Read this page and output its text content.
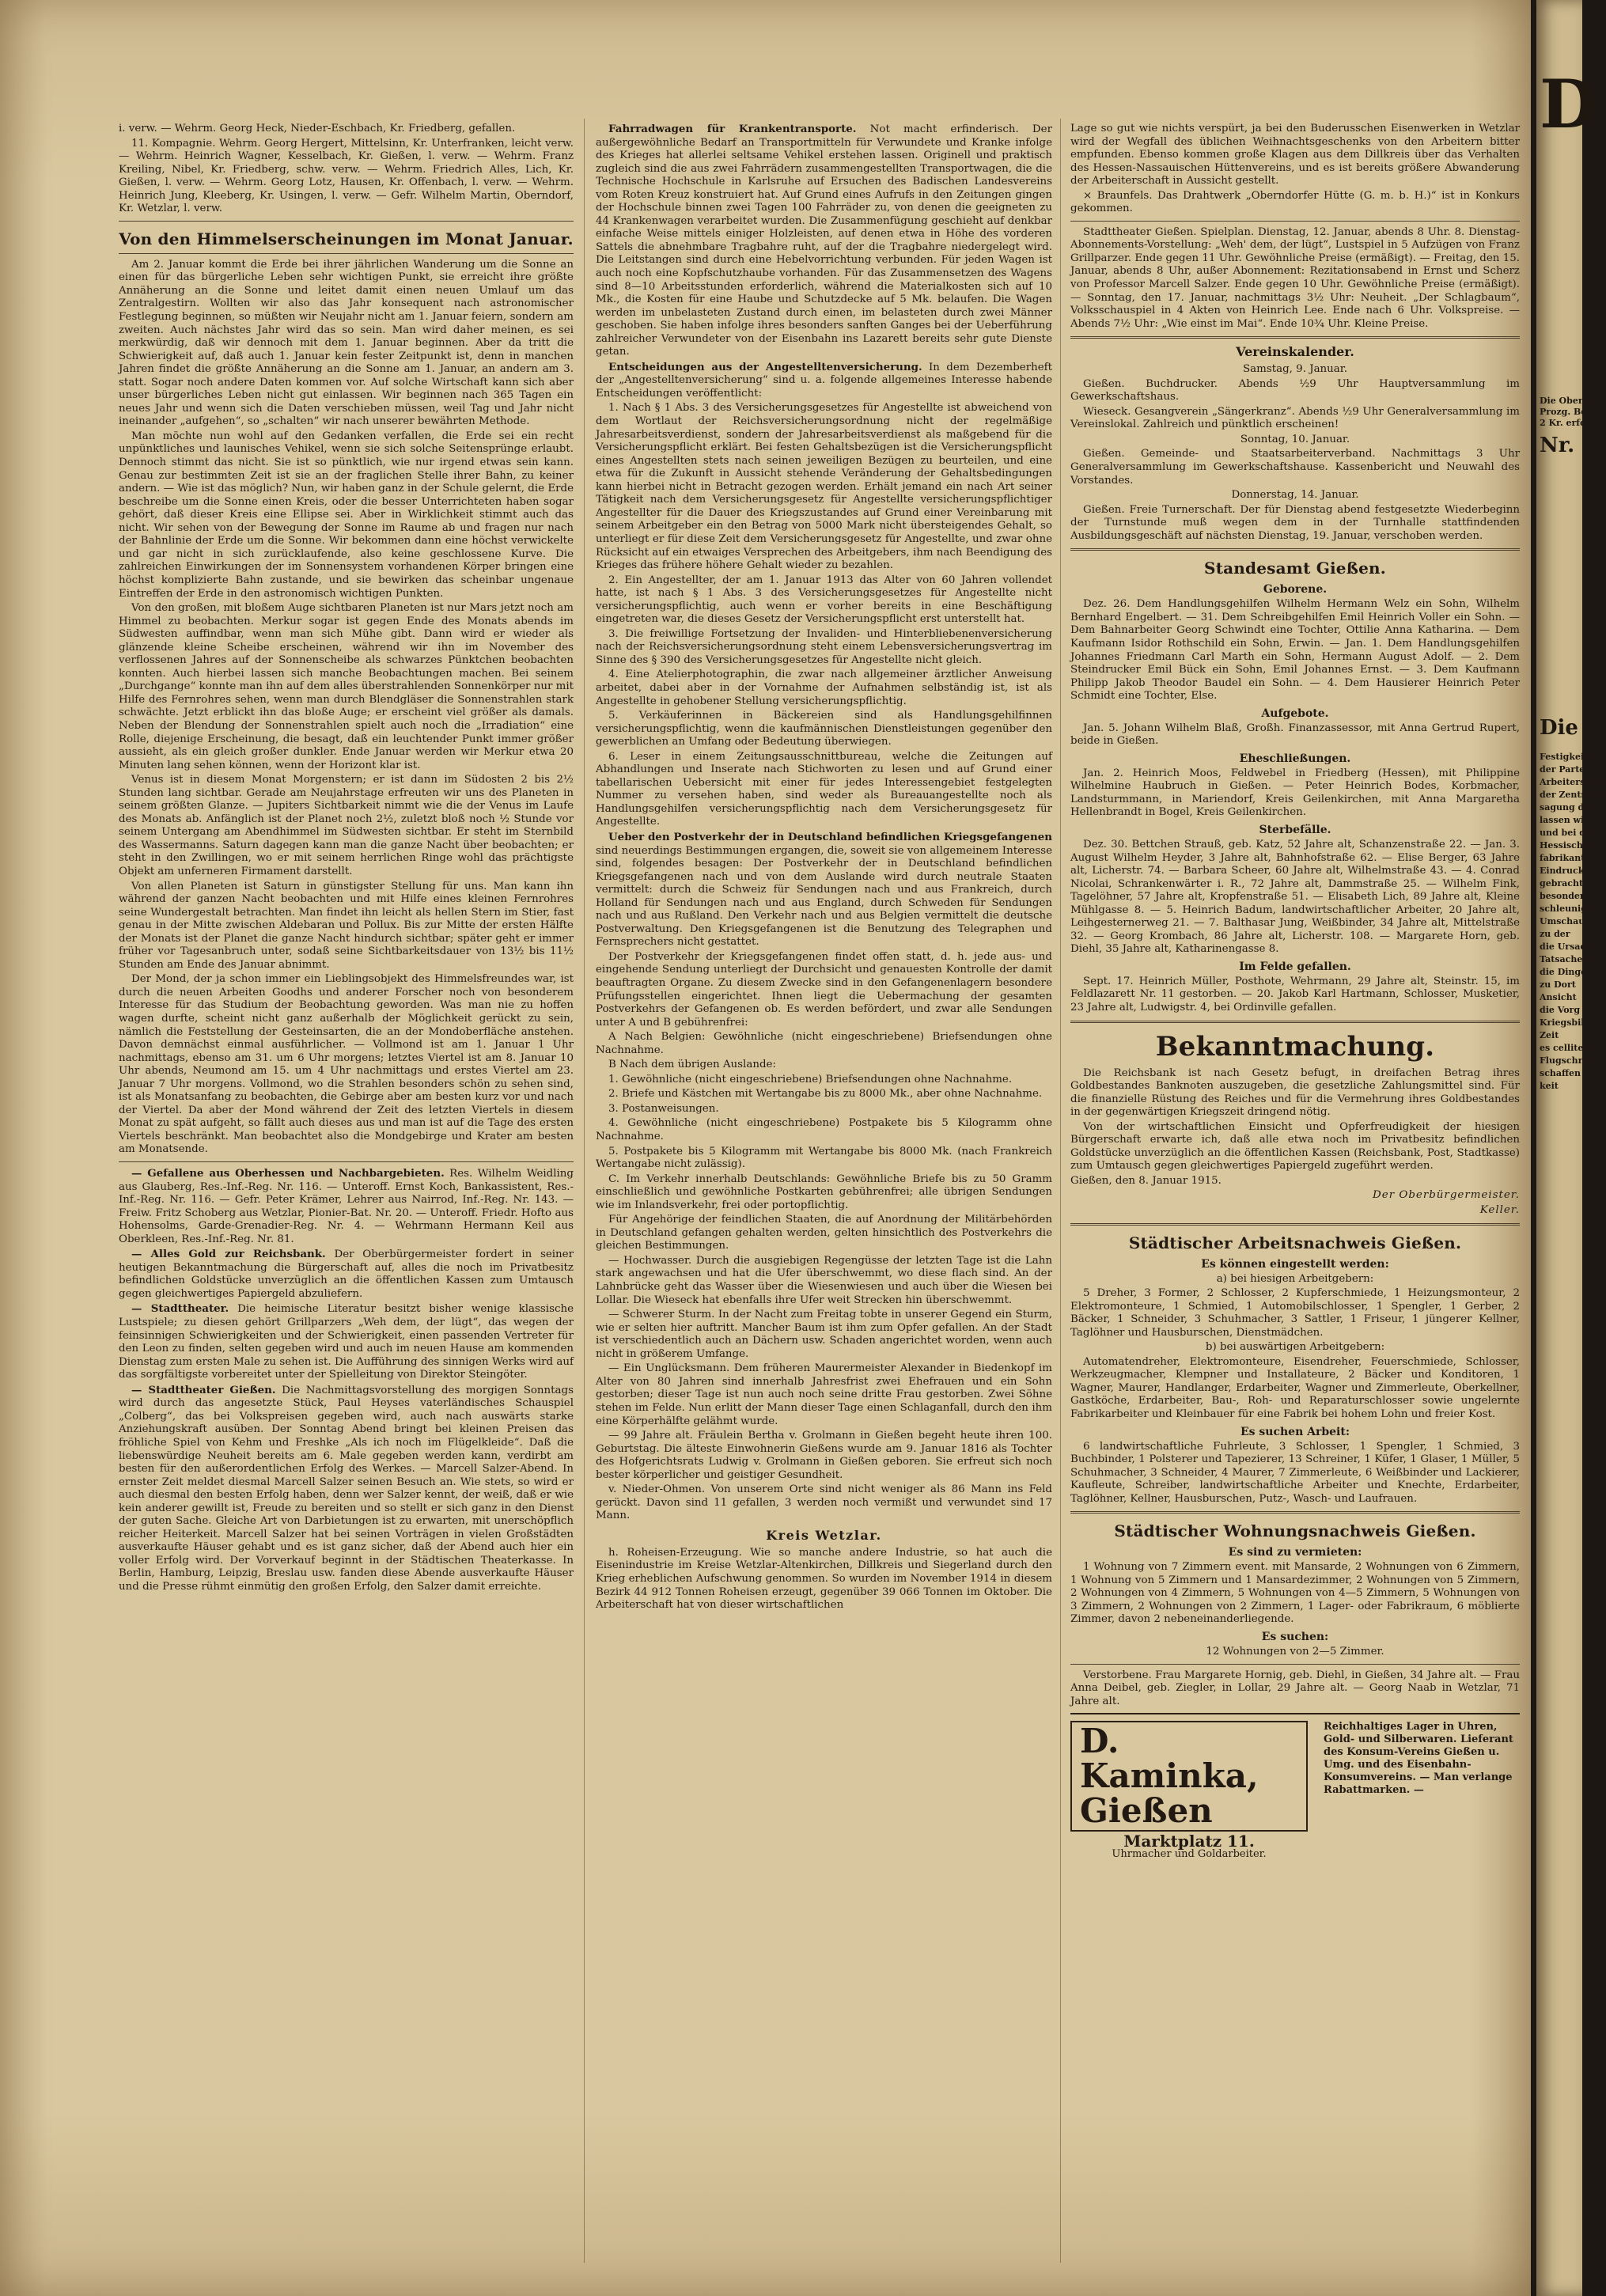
i. verw. — Wehrm. Georg Heck, Nieder-Eschbach, Kr. Friedberg, gefallen.

11. Kompagnie. Wehrm. Georg Hergert, Mittelsinn, Kr. Unterfranken, leicht verw. — Wehrm. Heinrich Wagner, Kesselbach, Kr. Gießen, l. verw. — Wehrm. Franz Kreiling, Nibel, Kr. Friedberg, schw. verw. — Wehrm. Friedrich Alles, Lich, Kr. Gießen, l. verw. — Wehrm. Georg Lotz, Hausen, Kr. Offenbach, l. verw. — Wehrm. Heinrich Jung, Kleeberg, Kr. Usingen, l. verw. — Gefr. Wilhelm Martin, Oberndorf, Kr. Wetzlar, l. verw.

Von den Himmelserscheinungen im Monat Januar.

Am 2. Januar kommt die Erde bei ihrer jährlichen Wanderung um die Sonne an einen für das bürgerliche Leben sehr wichtigen Punkt, sie erreicht ihre größte Annäherung an die Sonne und leitet damit einen neuen Umlauf um das Zentralgestirn. Wollten wir also das Jahr konsequent nach astronomischer Festlegung beginnen, so müßten wir Neujahr nicht am 1. Januar feiern, sondern am zweiten. Auch nächstes Jahr wird das so sein. Man wird daher meinen, es sei merkwürdig, daß wir dennoch mit dem 1. Januar beginnen. Aber da tritt die Schwierigkeit auf, daß auch 1. Januar kein fester Zeitpunkt ist, denn in manchen Jahren findet die größte Annäherung an die Sonne am 1. Januar, an andern am 3. statt. Sogar noch andere Daten kommen vor. Auf solche Wirtschaft kann sich aber unser bürgerliches Leben nicht gut einlassen. Wir beginnen nach 365 Tagen ein neues Jahr und wenn sich die Daten verschieben müssen, weil Tag und Jahr nicht ineinander „aufgehen“, so „schalten“ wir nach unserer bewährten Methode.

Man möchte nun wohl auf den Gedanken verfallen, die Erde sei ein recht unpünktliches und launisches Vehikel, wenn sie sich solche Seitensprünge erlaubt. Dennoch stimmt das nicht. Sie ist so pünktlich, wie nur irgend etwas sein kann. Genau zur bestimmten Zeit ist sie an der fraglichen Stelle ihrer Bahn, zu keiner andern. — Wie ist das möglich? Nun, wir haben ganz in der Schule gelernt, die Erde beschreibe um die Sonne einen Kreis, oder die besser Unterrichteten haben sogar gehört, daß dieser Kreis eine Ellipse sei. Aber in Wirklichkeit stimmt auch das nicht. Wir sehen von der Bewegung der Sonne im Raume ab und fragen nur nach der Bahnlinie der Erde um die Sonne. Wir bekommen dann eine höchst verwickelte und gar nicht in sich zurücklaufende, also keine geschlossene Kurve. Die zahlreichen Einwirkungen der im Sonnensystem vorhandenen Körper bringen eine höchst komplizierte Bahn zustande, und sie bewirken das scheinbar ungenaue Eintreffen der Erde in den astronomisch wichtigen Punkten.

Von den großen, mit bloßem Auge sichtbaren Planeten ist nur Mars jetzt noch am Himmel zu beobachten. Merkur sogar ist gegen Ende des Monats abends im Südwesten auffindbar, wenn man sich Mühe gibt. Dann wird er wieder als glänzende kleine Scheibe erscheinen, während wir ihn im November des verflossenen Jahres auf der Sonnenscheibe als schwarzes Pünktchen beobachten konnten. Auch hierbei lassen sich manche Beobachtungen machen. Bei seinem „Durchgange“ konnte man ihn auf dem alles überstrahlenden Sonnenkörper nur mit Hilfe des Fernrohres sehen, wenn man durch Blendgläser die Sonnenstrahlen stark schwächte. Jetzt erblickt ihn das bloße Auge; er erscheint viel größer als damals. Neben der Blendung der Sonnenstrahlen spielt auch noch die „Irradiation“ eine Rolle, diejenige Erscheinung, die besagt, daß ein leuchtender Punkt immer größer aussieht, als ein gleich großer dunkler. Ende Januar werden wir Merkur etwa 20 Minuten lang sehen können, wenn der Horizont klar ist.

Venus ist in diesem Monat Morgenstern; er ist dann im Südosten 2 bis 2½ Stunden lang sichtbar. Gerade am Neujahrstage erfreuten wir uns des Planeten in seinem größten Glanze. — Jupiters Sichtbarkeit nimmt wie die der Venus im Laufe des Monats ab. Anfänglich ist der Planet noch 2½, zuletzt bloß noch ½ Stunde vor seinem Untergang am Abendhimmel im Südwesten sichtbar. Er steht im Sternbild des Wassermanns. Saturn dagegen kann man die ganze Nacht über beobachten; er steht in den Zwillingen, wo er mit seinem herrlichen Ringe wohl das prächtigste Objekt am unferneren Firmament darstellt.

Von allen Planeten ist Saturn in günstigster Stellung für uns. Man kann ihn während der ganzen Nacht beobachten und mit Hilfe eines kleinen Fernrohres seine Wundergestalt betrachten. Man findet ihn leicht als hellen Stern im Stier, fast genau in der Mitte zwischen Aldebaran und Pollux. Bis zur Mitte der ersten Hälfte der Monats ist der Planet die ganze Nacht hindurch sichtbar; später geht er immer früher vor Tagesanbruch unter, sodaß seine Sichtbarkeitsdauer von 13½ bis 11½ Stunden am Ende des Januar abnimmt.

Der Mond, der ja schon immer ein Lieblingsobjekt des Himmelsfreundes war, ist durch die neuen Arbeiten Goodhs und anderer Forscher noch von besonderem Interesse für das Studium der Beobachtung geworden. Was man nie zu hoffen wagen durfte, scheint nicht ganz außerhalb der Möglichkeit gerückt zu sein, nämlich die Feststellung der Gesteinsarten, die an der Mondoberfläche anstehen. Davon demnächst einmal ausführlicher. — Vollmond ist am 1. Januar 1 Uhr nachmittags, ebenso am 31. um 6 Uhr morgens; letztes Viertel ist am 8. Januar 10 Uhr abends, Neumond am 15. um 4 Uhr nachmittags und erstes Viertel am 23. Januar 7 Uhr morgens. Vollmond, wo die Strahlen besonders schön zu sehen sind, ist als Monatsanfang zu beobachten, die Gebirge aber am besten kurz vor und nach der Viertel. Da aber der Mond während der Zeit des letzten Viertels in diesem Monat zu spät aufgeht, so fällt auch dieses aus und man ist auf die Tage des ersten Viertels beschränkt. Man beobachtet also die Mondgebirge und Krater am besten am Monatsende.

— Gefallene aus Oberhessen und Nachbargebieten. Res. Wilhelm Weidling aus Glauberg, Res.-Inf.-Reg. Nr. 116. — Unteroff. Ernst Koch, Bankassistent, Res.-Inf.-Reg. Nr. 116. — Gefr. Peter Krämer, Lehrer aus Nairrod, Inf.-Reg. Nr. 143. — Freiw. Fritz Schoberg aus Wetzlar, Pionier-Bat. Nr. 20. — Unteroff. Friedr. Hofto aus Hohensolms, Garde-Grenadier-Reg. Nr. 4. — Wehrmann Hermann Keil aus Oberkleen, Res.-Inf.-Reg. Nr. 81.

— Alles Gold zur Reichsbank. Der Oberbürgermeister fordert in seiner heutigen Bekanntmachung die Bürgerschaft auf, alles die noch im Privatbesitz befindlichen Goldstücke unverzüglich an die öffentlichen Kassen zum Umtausch gegen gleichwertiges Papiergeld abzuliefern.

— Stadttheater. Die heimische Literatur besitzt bisher wenige klassische Lustspiele; zu diesen gehört Grillparzers „Weh dem, der lügt“, das wegen der feinsinnigen Schwierigkeiten und der Schwierigkeit, einen passenden Vertreter für den Leon zu finden, selten gegeben wird und auch im neuen Hause am kommenden Dienstag zum ersten Male zu sehen ist. Die Aufführung des sinnigen Werks wird auf das sorgfältigste vorbereitet unter der Spielleitung von Direktor Steingöter.

— Stadttheater Gießen. Die Nachmittagsvorstellung des morgigen Sonntags wird durch das angesetzte Stück, Paul Heyses vaterländisches Schauspiel „Colberg“, das bei Volkspreisen gegeben wird, auch nach auswärts starke Anziehungskraft ausüben. Der Sonntag Abend bringt bei kleinen Preisen das fröhliche Spiel von Kehm und Freshke „Als ich noch im Flügelkleide“. Daß die liebenswürdige Neuheit bereits am 6. Male gegeben werden kann, verdirbt am besten für den außerordentlichen Erfolg des Werkes. — Marcell Salzer-Abend. In ernster Zeit meldet diesmal Marcell Salzer seinen Besuch an. Wie stets, so wird er auch diesmal den besten Erfolg haben, denn wer Salzer kennt, der weiß, daß er wie kein anderer gewillt ist, Freude zu bereiten und so stellt er sich ganz in den Dienst der guten Sache. Gleiche Art von Darbietungen ist zu erwarten, mit unerschöpflich reicher Heiterkeit. Marcell Salzer hat bei seinen Vorträgen in vielen Großstädten ausverkaufte Häuser gehabt und es ist ganz sicher, daß der Abend auch hier ein voller Erfolg wird. Der Vorverkauf beginnt in der Städtischen Theaterkasse. In Berlin, Hamburg, Leipzig, Breslau usw. fanden diese Abende ausverkaufte Häuser und die Presse rühmt einmütig den großen Erfolg, den Salzer damit erreichte.

Fahrradwagen für Krankentransporte. Not macht erfinderisch. Der außergewöhnliche Bedarf an Transportmitteln für Verwundete und Kranke infolge des Krieges hat allerlei seltsame Vehikel erstehen lassen. Originell und praktisch zugleich sind die aus zwei Fahrrädern zusammengestellten Transportwagen, die die Technische Hochschule in Karlsruhe auf Ersuchen des Badischen Landesvereins vom Roten Kreuz konstruiert hat. Auf Grund eines Aufrufs in den Zeitungen gingen der Hochschule binnen zwei Tagen 100 Fahrräder zu, von denen die geeigneten zu 44 Krankenwagen verarbeitet wurden. Die Zusammenfügung geschieht auf denkbar einfache Weise mittels einiger Holzleisten, auf denen etwa in Höhe des vorderen Sattels die abnehmbare Tragbahre ruht, auf der die Tragbahre niedergelegt wird. Die Leitstangen sind durch eine Hebelvorrichtung verbunden. Für jeden Wagen ist auch noch eine Kopfschutzhaube vorhanden. Für das Zusammensetzen des Wagens sind 8—10 Arbeitsstunden erforderlich, während die Materialkosten sich auf 10 Mk., die Kosten für eine Haube und Schutzdecke auf 5 Mk. belaufen. Die Wagen werden im unbelasteten Zustand durch einen, im belasteten durch zwei Männer geschoben. Sie haben infolge ihres besonders sanften Ganges bei der Ueberführung zahlreicher Verwundeter von der Eisenbahn ins Lazarett bereits sehr gute Dienste getan.

Entscheidungen aus der Angestelltenversicherung. In dem Dezemberheft der „Angestelltenversicherung“ sind u. a. folgende allgemeines Interesse habende Entscheidungen veröffentlicht:

1. Nach § 1 Abs. 3 des Versicherungsgesetzes für Angestellte ist abweichend von dem Wortlaut der Reichsversicherungsordnung nicht der regelmäßige Jahresarbeitsverdienst, sondern der Jahresarbeitsverdienst als maßgebend für die Versicherungspflicht erklärt. Bei festen Gehaltsbezügen ist die Versicherungspflicht eines Angestellten stets nach seinen jeweiligen Bezügen zu beurteilen, und eine etwa für die Zukunft in Aussicht stehende Veränderung der Gehaltsbedingungen kann hierbei nicht in Betracht gezogen werden. Erhält jemand ein nach Art seiner Tätigkeit nach dem Versicherungsgesetz für Angestellte versicherungspflichtiger Angestellter für die Dauer des Kriegszustandes auf Grund einer Vereinbarung mit seinem Arbeitgeber ein den Betrag von 5000 Mark nicht übersteigendes Gehalt, so unterliegt er für diese Zeit dem Versicherungsgesetz für Angestellte, und zwar ohne Rücksicht auf ein etwaiges Versprechen des Arbeitgebers, ihm nach Beendigung des Krieges das frühere höhere Gehalt wieder zu bezahlen.

2. Ein Angestellter, der am 1. Januar 1913 das Alter von 60 Jahren vollendet hatte, ist nach § 1 Abs. 3 des Versicherungsgesetzes für Angestellte nicht versicherungspflichtig, auch wenn er vorher bereits in eine Beschäftigung eingetreten war, die dieses Gesetz der Versicherungspflicht erst unterstellt hat.

3. Die freiwillige Fortsetzung der Invaliden- und Hinterbliebenenversicherung nach der Reichsversicherungsordnung steht einem Lebensversicherungsvertrag im Sinne des § 390 des Versicherungsgesetzes für Angestellte nicht gleich.

4. Eine Atelierphotographin, die zwar nach allgemeiner ärztlicher Anweisung arbeitet, dabei aber in der Vornahme der Aufnahmen selbständig ist, ist als Angestellte in gehobener Stellung versicherungspflichtig.

5. Verkäuferinnen in Bäckereien sind als Handlungsgehilfinnen versicherungspflichtig, wenn die kaufmännischen Dienstleistungen gegenüber den gewerblichen an Umfang oder Bedeutung überwiegen.

6. Leser in einem Zeitungsausschnittbureau, welche die Zeitungen auf Abhandlungen und Inserate nach Stichworten zu lesen und auf Grund einer tabellarischen Uebersicht mit einer für jedes Interessengebiet festgelegten Nummer zu versehen haben, sind weder als Bureauangestellte noch als Handlungsgehilfen versicherungspflichtig nach dem Versicherungsgesetz für Angestellte.

Ueber den Postverkehr der in Deutschland befindlichen Kriegsgefangenen sind neuerdings Bestimmungen ergangen, die, soweit sie von allgemeinem Interesse sind, folgendes besagen: Der Postverkehr der in Deutschland befindlichen Kriegsgefangenen nach und von dem Auslande wird durch neutrale Staaten vermittelt: durch die Schweiz für Sendungen nach und aus Frankreich, durch Holland für Sendungen nach und aus England, durch Schweden für Sendungen nach und aus Rußland. Den Verkehr nach und aus Belgien vermittelt die deutsche Postverwaltung. Den Kriegsgefangenen ist die Benutzung des Telegraphen und Fernsprechers nicht gestattet.

Der Postverkehr der Kriegsgefangenen findet offen statt, d. h. jede aus- und eingehende Sendung unterliegt der Durchsicht und genauesten Kontrolle der damit beauftragten Organe. Zu diesem Zwecke sind in den Gefangenenlagern besondere Prüfungsstellen eingerichtet. Ihnen liegt die Uebermachung der gesamten Postverkehrs der Gefangenen ob. Es werden befördert, und zwar alle Sendungen unter A und B gebührenfrei:

A Nach Belgien: Gewöhnliche (nicht eingeschriebene) Briefsendungen ohne Nachnahme.

B Nach dem übrigen Auslande:

1. Gewöhnliche (nicht eingeschriebene) Briefsendungen ohne Nachnahme.

2. Briefe und Kästchen mit Wertangabe bis zu 8000 Mk., aber ohne Nachnahme.

3. Postanweisungen.

4. Gewöhnliche (nicht eingeschriebene) Postpakete bis 5 Kilogramm ohne Nachnahme.

5. Postpakete bis 5 Kilogramm mit Wertangabe bis 8000 Mk. (nach Frankreich Wertangabe nicht zulässig).

C. Im Verkehr innerhalb Deutschlands: Gewöhnliche Briefe bis zu 50 Gramm einschließlich und gewöhnliche Postkarten gebührenfrei; alle übrigen Sendungen wie im Inlandsverkehr, frei oder portopflichtig.

Für Angehörige der feindlichen Staaten, die auf Anordnung der Militärbehörden in Deutschland gefangen gehalten werden, gelten hinsichtlich des Postverkehrs die gleichen Bestimmungen.

— Hochwasser. Durch die ausgiebigen Regengüsse der letzten Tage ist die Lahn stark angewachsen und hat die Ufer überschwemmt, wo diese flach sind. An der Lahnbrücke geht das Wasser über die Wiesenwiesen und auch über die Wiesen bei Lollar. Die Wieseck hat ebenfalls ihre Ufer weit Strecken hin überschwemmt.

— Schwerer Sturm. In der Nacht zum Freitag tobte in unserer Gegend ein Sturm, wie er selten hier auftritt. Mancher Baum ist ihm zum Opfer gefallen. An der Stadt ist verschiedentlich auch an Dächern usw. Schaden angerichtet worden, wenn auch nicht in größerem Umfange.

— Ein Unglücksmann. Dem früheren Maurermeister Alexander in Biedenkopf im Alter von 80 Jahren sind innerhalb Jahresfrist zwei Ehefrauen und ein Sohn gestorben; dieser Tage ist nun auch noch seine dritte Frau gestorben. Zwei Söhne stehen im Felde. Nun erlitt der Mann dieser Tage einen Schlaganfall, durch den ihm eine Körperhälfte gelähmt wurde.

— 99 Jahre alt. Fräulein Bertha v. Grolmann in Gießen begeht heute ihren 100. Geburtstag. Die älteste Einwohnerin Gießens wurde am 9. Januar 1816 als Tochter des Hofgerichtsrats Ludwig v. Grolmann in Gießen geboren. Sie erfreut sich noch bester körperlicher und geistiger Gesundheit.

v. Nieder-Ohmen. Von unserem Orte sind nicht weniger als 86 Mann ins Feld gerückt. Davon sind 11 gefallen, 3 werden noch vermißt und verwundet sind 17 Mann.

Kreis Wetzlar.

h. Roheisen-Erzeugung. Wie so manche andere Industrie, so hat auch die Eisenindustrie im Kreise Wetzlar-Altenkirchen, Dillkreis und Siegerland durch den Krieg erheblichen Aufschwung genommen. So wurden im November 1914 in diesem Bezirk 44 912 Tonnen Roheisen erzeugt, gegenüber 39 066 Tonnen im Oktober. Die Arbeiterschaft hat von dieser wirtschaftlichen

Lage so gut wie nichts verspürt, ja bei den Buderusschen Eisenwerken in Wetzlar wird der Wegfall des üblichen Weihnachtsgeschenks von den Arbeitern bitter empfunden. Ebenso kommen große Klagen aus dem Dillkreis über das Verhalten des Hessen-Nassauischen Hüttenvereins, und es ist bereits größere Abwanderung der Arbeiterschaft in Aussicht gestellt.

× Braunfels. Das Drahtwerk „Oberndorfer Hütte (G. m. b. H.)“ ist in Konkurs gekommen.

Stadttheater Gießen. Spielplan. Dienstag, 12. Januar, abends 8 Uhr. 8. Dienstag-Abonnements-Vorstellung: „Weh' dem, der lügt“, Lustspiel in 5 Aufzügen von Franz Grillparzer. Ende gegen 11 Uhr. Gewöhnliche Preise (ermäßigt). — Freitag, den 15. Januar, abends 8 Uhr, außer Abonnement: Rezitationsabend in Ernst und Scherz von Professor Marcell Salzer. Ende gegen 10 Uhr. Gewöhnliche Preise (ermäßigt). — Sonntag, den 17. Januar, nachmittags 3½ Uhr: Neuheit. „Der Schlagbaum“, Volksschauspiel in 4 Akten von Heinrich Lee. Ende nach 6 Uhr. Volkspreise. — Abends 7½ Uhr: „Wie einst im Mai“. Ende 10¾ Uhr. Kleine Preise.

Vereinskalender.

Samstag, 9. Januar.

Gießen. Buchdrucker. Abends ½9 Uhr Hauptversammlung im Gewerkschaftshaus.

Wieseck. Gesangverein „Sängerkranz“. Abends ½9 Uhr Generalversammlung im Vereinslokal. Zahlreich und pünktlich erscheinen!

Sonntag, 10. Januar.

Gießen. Gemeinde- und Staatsarbeiterverband. Nachmittags 3 Uhr Generalversammlung im Gewerkschaftshause. Kassenbericht und Neuwahl des Vorstandes.

Donnerstag, 14. Januar.

Gießen. Freie Turnerschaft. Der für Dienstag abend festgesetzte Wiederbeginn der Turnstunde muß wegen dem in der Turnhalle stattfindenden Ausbildungsgeschäft auf nächsten Dienstag, 19. Januar, verschoben werden.

Standesamt Gießen.
Geborene.

Dez. 26. Dem Handlungsgehilfen Wilhelm Hermann Welz ein Sohn, Wilhelm Bernhard Engelbert. — 31. Dem Schreibgehilfen Emil Heinrich Voller ein Sohn. — Dem Bahnarbeiter Georg Schwindt eine Tochter, Ottilie Anna Katharina. — Dem Kaufmann Isidor Rothschild ein Sohn, Erwin. — Jan. 1. Dem Handlungsgehilfen Johannes Friedmann Carl Marth ein Sohn, Hermann August Adolf. — 2. Dem Steindrucker Emil Bück ein Sohn, Emil Johannes Ernst. — 3. Dem Kaufmann Philipp Jakob Theodor Baudel ein Sohn. — 4. Dem Hausierer Heinrich Peter Schmidt eine Tochter, Else.

Aufgebote.

Jan. 5. Johann Wilhelm Blaß, Großh. Finanzassessor, mit Anna Gertrud Rupert, beide in Gießen.

Eheschließungen.

Jan. 2. Heinrich Moos, Feldwebel in Friedberg (Hessen), mit Philippine Wilhelmine Haubruch in Gießen. — Peter Heinrich Bodes, Korbmacher, Landsturmmann, in Mariendorf, Kreis Geilenkirchen, mit Anna Margaretha Hellenbrandt in Bogel, Kreis Geilenkirchen.

Sterbefälle.

Dez. 30. Bettchen Strauß, geb. Katz, 52 Jahre alt, Schanzenstraße 22. — Jan. 3. August Wilhelm Heyder, 3 Jahre alt, Bahnhofstraße 62. — Elise Berger, 63 Jahre alt, Licherstr. 74. — Barbara Scheer, 60 Jahre alt, Wilhelmstraße 43. — 4. Conrad Nicolai, Schrankenwärter i. R., 72 Jahre alt, Dammstraße 25. — Wilhelm Fink, Tagelöhner, 57 Jahre alt, Kropfenstraße 51. — Elisabeth Lich, 89 Jahre alt, Kleine Mühlgasse 8. — 5. Heinrich Badum, landwirtschaftlicher Arbeiter, 20 Jahre alt, Leihgesternerweg 21. — 7. Balthasar Jung, Weißbinder, 34 Jahre alt, Mittelstraße 32. — Georg Krombach, 86 Jahre alt, Licherstr. 108. — Margarete Horn, geb. Diehl, 35 Jahre alt, Katharinengasse 8.

Im Felde gefallen.

Sept. 17. Heinrich Müller, Posthote, Wehrmann, 29 Jahre alt, Steinstr. 15, im Feldlazarett Nr. 11 gestorben. — 20. Jakob Karl Hartmann, Schlosser, Musketier, 23 Jahre alt, Ludwigstr. 4, bei Ordinville gefallen.

Bekanntmachung.

Die Reichsbank ist nach Gesetz befugt, in dreifachen Betrag ihres Goldbestandes Banknoten auszugeben, die gesetzliche Zahlungsmittel sind. Für die finanzielle Rüstung des Reiches und für die Vermehrung ihres Goldbestandes in der gegenwärtigen Kriegszeit dringend nötig.

Von der wirtschaftlichen Einsicht und Opferfreudigkeit der hiesigen Bürgerschaft erwarte ich, daß alle etwa noch im Privatbesitz befindlichen Goldstücke unverzüglich an die öffentlichen Kassen (Reichsbank, Post, Stadtkasse) zum Umtausch gegen gleichwertiges Papiergeld zugeführt werden.

Gießen, den 8. Januar 1915.

Der Oberbürgermeister.

Keller.

Städtischer Arbeitsnachweis Gießen.
Es können eingestellt werden:

a) bei hiesigen Arbeitgebern:

5 Dreher, 3 Former, 2 Schlosser, 2 Kupferschmiede, 1 Heizungsmonteur, 2 Elektromonteure, 1 Schmied, 1 Automobilschlosser, 1 Spengler, 1 Gerber, 2 Bäcker, 1 Schneider, 3 Schuhmacher, 3 Sattler, 1 Friseur, 1 jüngerer Kellner, Taglöhner und Hausburschen, Dienstmädchen.

b) bei auswärtigen Arbeitgebern:

Automatendreher, Elektromonteure, Eisendreher, Feuerschmiede, Schlosser, Werkzeugmacher, Klempner und Installateure, 2 Bäcker und Konditoren, 1 Wagner, Maurer, Handlanger, Erdarbeiter, Wagner und Zimmerleute, Oberkellner, Gastköche, Erdarbeiter, Bau-, Roh- und Reparaturschlosser sowie ungelernte Fabrikarbeiter und Kleinbauer für eine Fabrik bei hohem Lohn und freier Kost.

Es suchen Arbeit:

6 landwirtschaftliche Fuhrleute, 3 Schlosser, 1 Spengler, 1 Schmied, 3 Buchbinder, 1 Polsterer und Tapezierer, 13 Schreiner, 1 Küfer, 1 Glaser, 1 Müller, 5 Schuhmacher, 3 Schneider, 4 Maurer, 7 Zimmerleute, 6 Weißbinder und Lackierer, Kaufleute, Schreiber, landwirtschaftliche Arbeiter und Knechte, Erdarbeiter, Taglöhner, Kellner, Hausburschen, Putz-, Wasch- und Laufrauen.

Städtischer Wohnungsnachweis Gießen.
Es sind zu vermieten:

1 Wohnung von 7 Zimmern event. mit Mansarde, 2 Wohnungen von 6 Zimmern, 1 Wohnung von 5 Zimmern und 1 Mansardezimmer, 2 Wohnungen von 5 Zimmern, 2 Wohnungen von 4 Zimmern, 5 Wohnungen von 4—5 Zimmern, 5 Wohnungen von 3 Zimmern, 2 Wohnungen von 2 Zimmern, 1 Lager- oder Fabrikraum, 6 möblierte Zimmer, davon 2 nebeneinanderliegende.

Es suchen:

12 Wohnungen von 2—5 Zimmer.

Verstorbene. Frau Margarete Hornig, geb. Diehl, in Gießen, 34 Jahre alt. — Frau Anna Deibel, geb. Ziegler, in Lollar, 29 Jahre alt. — Georg Naab in Wetzlar, 71 Jahre alt.

D. Kaminka, Gießen
Marktplatz 11.
Uhrmacher und Goldarbeiter.
Reichhaltiges Lager in Uhren, Gold- und Silberwaren. Lieferant des Konsum-Vereins Gießen u. Umg. und des Eisenbahn-Konsumvereins. — Man verlange Rabattmarken. —
D
Die Oberh
Prozg. Be
2 Kr. erfch
Nr.
Die
Festigkeit s
der Partei
Arbeiterschaf
der Zentrums
sagung des
lassen will
und bei der
Hessischen
fabrikanten
Eindruck
gebracht
besonders
schleunig
Umschau
zu der
die Ursache
Tatsachen
die Dinge
zu Dort
Ansicht
die Vorg
Kriegsbild
Zeit
es celliten
Flugschrift
schaffen
keit
